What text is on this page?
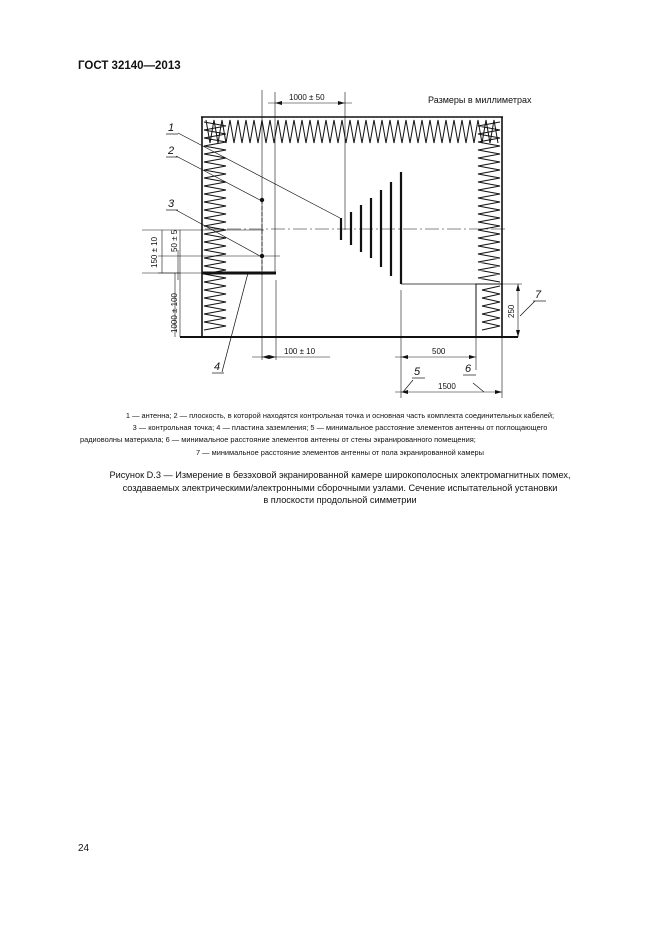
ГОСТ 32140—2013
Размеры в миллиметрах
1000 ± 50
150 ± 10 50 ± 5
1000 ± 100
100 ± 10	500
1500
250
1
2
3
4	5	6
7
1 — антенна; 2 — плоскость, в которой находятся контрольная точка и основная часть комплекта соединительных кабелей;
3 — контрольная точка; 4 — пластина заземления; 5 — минимальное расстояние элементов антенны от поглощающего
радиоволны материала; 6 — минимальное расстояние элементов антенны от стены экранированного помещения;
7 — минимальное расстояние элементов антенны от пола экранированной камеры
Рисунок D.3 — Измерение в безэховой экранированной камере широкополосных электромагнитных помех,
создаваемых электрическими/электронными сборочными узлами. Сечение испытательной установки
в плоскости продольной симметрии
24
